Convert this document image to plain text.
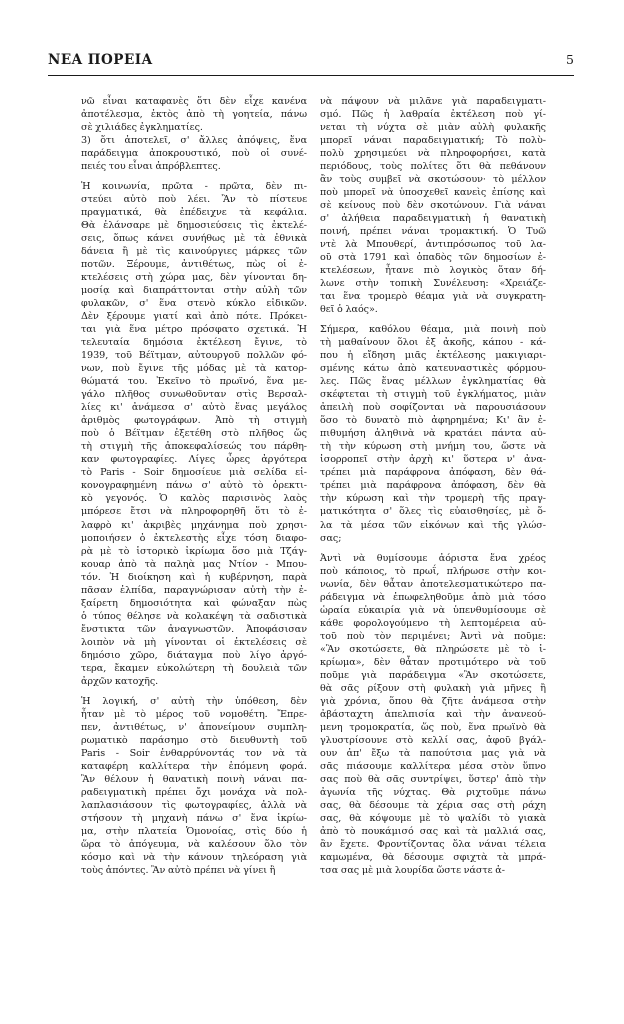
ΝΕΑ ΠΟΡΕΙΑ	5
νῶ εἶναι καταφανὲς ὅτι δὲν εἶχε κανένα
ἀποτέλεσμα, ἐκτὸς ἀπὸ τὴ γοητεία, πάνω
σὲ χιλιάδες ἐγκληματίες.
3) ὅτι ἀποτελεῖ, σ' ἄλλες ἀπόψεις, ἕνα
παράδειγμα ἀποκρουστικό, ποὺ οἱ συνέ-
πειές του εἶναι ἀπρόβλεπτες.
Ἡ κοινωνία, πρῶτα - πρῶτα, δὲν πι-
στεύει αὐτὸ ποὺ λέει. Ἂν τὸ πίστευε
πραγματικά, θὰ ἐπέδειχνε τὰ κεφάλια.
Θὰ ἐλάνσαρε μὲ δημοσιεύσεις τὶς ἐκτελέ-
σεις, ὅπως κάνει συνήθως μὲ τὰ ἐθνικὰ
δάνεια ἢ μὲ τὶς καινούργιες μάρκες τῶν
ποτῶν. Ξέρουμε, ἀντιθέτως, πὼς οἱ ἐ-
κτελέσεις στὴ χώρα μας, δὲν γίνονται δη-
μοσίᾳ καὶ διαπράττονται στὴν αὐλὴ τῶν
φυλακῶν, σ' ἕνα στενὸ κύκλο εἰδικῶν.
Δὲν ξέρουμε γιατί καὶ ἀπὸ πότε. Πρόκει-
ται γιὰ ἕνα μέτρο πρόσφατο σχετικά. Ἡ
τελευταία δημόσια ἐκτέλεση ἔγινε, τὸ
1939, τοῦ Βέϊτμαν, αὐτουργοῦ πολλῶν φό-
νων, ποὺ ἔγινε τῆς μόδας μὲ τὰ κατορ-
θώματά του. Ἐκεῖνο τὸ πρωϊνό, ἕνα με-
γάλο πλῆθος συνωθοῦνταν στὶς Βερσαλ-
λίες κι' ἀνάμεσα σ' αὐτὸ ἕνας μεγάλος
ἀριθμὸς φωτογράφων. Ἀπὸ τὴ στιγμὴ
ποὺ ὁ Βέϊτμαν ἐξετέθη στὸ πλῆθος ὥς
τὴ στιγμὴ τῆς ἀποκεφαλίσεώς του πάρθη-
καν φωτογραφίες. Λίγες ὧρες ἀργότερα
τὸ Paris - Soir δημοσίευε μιὰ σελίδα εἰ-
κονογραφημένη πάνω σ' αὐτὸ τὸ ὀρεκτι-
κὸ γεγονός. Ὁ καλὸς παρισινὸς λαὸς
μπόρεσε ἔτσι νὰ πληροφορηθῆ ὅτι τὸ ἐ-
λαφρὸ κι' ἀκριβὲς μηχάνημα ποὺ χρησι-
μοποιήσεν ὁ ἐκτελεστὴς εἶχε τόση διαφο-
ρὰ μὲ τὸ ἱστορικὸ ἰκρίωμα ὅσο μιὰ Τζάγ-
κουαρ ἀπὸ τὰ παληὰ μας Ντίον - Μπου-
τόν. Ἡ διοίκηση καὶ ἡ κυβέρνηση, παρὰ
πᾶσαν ἐλπίδα, παραγνώρισαν αὐτὴ τὴν ἐ-
ξαίρετη δημοσιότητα καὶ φώναξαν πὼς
ὁ τύπος θέλησε νὰ κολακέψη τὰ σαδιστικὰ
ἔνστικτα τῶν ἀναγνωστῶν. Ἀποφάσισαν
λοιπὸν νὰ μὴ γίνονται οἱ ἐκτελέσεις σὲ
δημόσιο χῶρο, διάταγμα ποὺ λίγο ἀργό-
τερα, ἔκαμεν εὐκολώτερη τὴ δουλειὰ τῶν
ἀρχῶν κατοχῆς.
Ἡ λογική, σ' αὐτὴ τὴν ὑπόθεση, δὲν
ἦταν μὲ τὸ μέρος τοῦ νομοθέτη. Ἔπρε-
πεν, ἀντιθέτως, ν' ἀπονείμουν συμπλη-
ρωματικὸ παράσημο στὸ διευθυντὴ τοῦ
Paris - Soir ἐνθαρρύνοντάς τον νὰ τὰ
καταφέρη καλλίτερα τὴν ἑπόμενη φορά.
Ἂν θέλουν ἡ θανατικὴ ποινὴ νάναι πα-
ραδειγματικὴ πρέπει ὄχι μονάχα νὰ πολ-
λαπλασιάσουν τὶς φωτογραφίες, ἀλλὰ νὰ
στήσουν τὴ μηχανὴ πάνω σ' ἕνα ἰκρίω-
μα, στὴν πλατεία Ὁμονοίας, στὶς δύο ἡ
ὥρα τὸ ἀπόγευμα, νὰ καλέσουν ὅλο τὸν
κόσμο καὶ νὰ τὴν κάνουν τηλεόραση γιὰ
τοὺς ἀπόντες. Ἂν αὐτὸ πρέπει νὰ γίνει ἢ
νὰ πάψουν νὰ μιλᾶνε γιὰ παραδειγματι-
σμό. Πῶς ἡ λαθραία ἐκτέλεση ποὺ γί-
νεται τὴ νύχτα σὲ μιὰν αὐλὴ φυλακῆς
μπορεῖ νάναι παραδειγματική; Τὸ πολὺ-
πολὺ χρησιμεύει νὰ πληροφορήσει, κατὰ
περιόδους, τοὺς πολίτες ὅτι θὰ πεθάνουν
ἂν τοὺς συμβεῖ νὰ σκοτώσουν· τὸ μέλλον
ποὺ μπορεῖ νὰ ὑποσχεθεῖ κανεὶς ἐπίσης καὶ
σὲ κείνους ποὺ δὲν σκοτώνουν. Γιὰ νάναι
σ' ἀλήθεια παραδειγματικὴ ἡ θανατικὴ
ποινή, πρέπει νάναι τρομακτική. Ὁ Τυῶ
ντὲ λὰ Μπουθερί, ἀντιπρόσωπος τοῦ λα-
οῦ στὰ 1791 καὶ ὀπαδὸς τῶν δημοσίων ἐ-
κτελέσεων, ἦτανε πιὸ λογικὸς ὅταν δή-
λωνε στὴν τοπικὴ Συνέλευση: «Χρειάζε-
ται ἕνα τρομερὸ θέαμα γιὰ νὰ συγκρατη-
θεῖ ὁ λαός».
Σήμερα, καθόλου θέαμα, μιὰ ποινὴ ποὺ
τὴ μαθαίνουν ὅλοι ἐξ ἀκοῆς, κάπου - κά-
που ἡ εἴδηση μιᾶς ἐκτέλεσης μακιγιαρι-
σμένης κάτω ἀπὸ κατευναστικὲς φόρμου-
λες. Πῶς ἕνας μέλλων ἐγκληματίας θὰ
σκέφτεται τὴ στιγμὴ τοῦ ἐγκλήματος, μιὰν
ἀπειλὴ ποὺ σοφίζονται νὰ παρουσιάσουν
ὅσο τὸ δυνατὸ πιὸ ἀφηρημένα; Κι' ἂν ἐ-
πιθυμήση ἀληθινὰ νὰ κρατάει πάντα αὐ-
τὴ τὴν κύρωση στὴ μνήμη του, ὥστε νὰ
ἰσορροπεῖ στὴν ἀρχὴ κι' ὕστερα ν' ἀνα-
τρέπει μιὰ παράφρονα ἀπόφαση, δὲν θά-
τρέπει μιὰ παράφρονα ἀπόφαση, δὲν θὰ
τὴν κύρωση καὶ τὴν τρομερὴ τῆς πραγ-
ματικότητα σ' ὅλες τὶς εὐαισθησίες, μὲ ὅ-
λα τὰ μέσα τῶν εἰκόνων καὶ τῆς γλώσ-
σας;
Ἀντὶ νὰ θυμίσουμε ἀόριστα ἕνα χρέος
ποὺ κάποιος, τὸ πρωΐ, πλήρωσε στὴν κοι-
νωνία, δὲν θἆταν ἀποτελεσματικώτερο πα-
ράδειγμα νὰ ἐπωφεληθοῦμε ἀπὸ μιὰ τόσο
ὡραία εὐκαιρία γιὰ νὰ ὑπενθυμίσουμε σὲ
κάθε φορολογούμενο τὴ λεπτομέρεια αὐ-
τοῦ ποὺ τὸν περιμένει; Ἀντὶ νὰ ποῦμε:
«Ἂν σκοτώσετε, θὰ πληρώσετε μὲ τὸ ἰ-
κρίωμα», δὲν θἆταν προτιμότερο νὰ τοῦ
ποῦμε γιὰ παράδειγμα «Ἂν σκοτώσετε,
θὰ σᾶς ρίξουν στὴ φυλακὴ γιὰ μῆνες ἢ
γιὰ χρόνια, ὅπου θὰ ζῆτε ἀνάμεσα στὴν
ἀβάσταχτη ἀπελπισία καὶ τὴν ἀνανεού-
μενη τρομοκρατία, ὥς ποὺ, ἕνα πρωϊνὸ θὰ
γλυστρίσουνε στὸ κελλί σας, ἀφοῦ βγάλ-
ουν ἀπ' ἔξω τὰ παπούτσια μας γιὰ νὰ
σᾶς πιάσουμε καλλίτερα μέσα στὸν ὕπνο
σας ποὺ θὰ σᾶς συντρίψει, ὕστερ' ἀπὸ τὴν
ἀγωνία τῆς νύχτας. Θὰ ριχτοῦμε πάνω
σας, θὰ δέσουμε τὰ χέρια σας στὴ ράχη
σας, θὰ κόψουμε μὲ τὸ ψαλίδι τὸ γιακὰ
ἀπὸ τὸ πουκάμισό σας καὶ τὰ μαλλιά σας,
ἂν ἔχετε. Φροντίζοντας ὅλα νάναι τέλεια
καμωμένα, θὰ δέσουμε σφιχτὰ τὰ μπρά-
τσα σας μὲ μιὰ λουρίδα ὥστε νάστε ἁ-
